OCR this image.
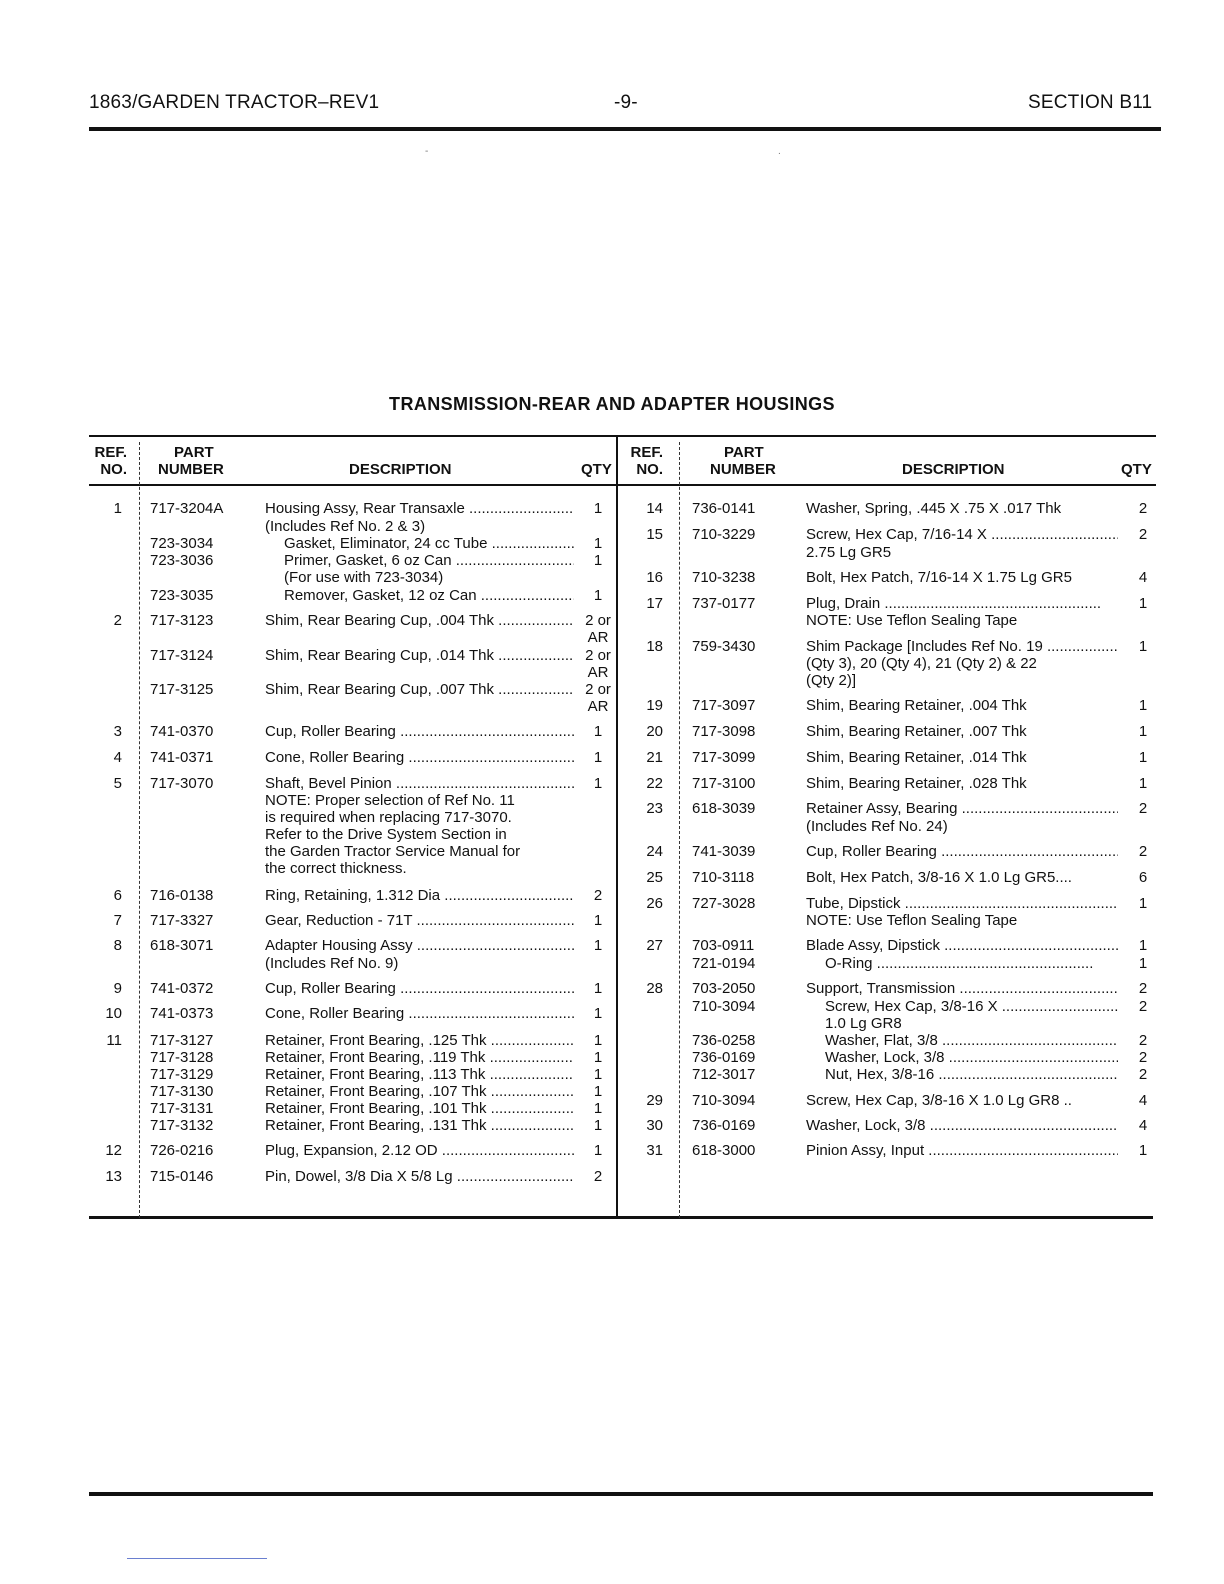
1863/GARDEN TRACTOR–REV1	-9-	SECTION B11
-	.
TRANSMISSION-REAR AND ADAPTER HOUSINGS
REF.
NO.
PART
NUMBER	DESCRIPTION	QTY
REF.
NO.
PART
NUMBER	DESCRIPTION	QTY
1 717-3204A	Housing Assy, Rear Transaxle .....	1
(Includes Ref No. 2 & 3)
723-3034	Gasket, Eliminator, 24 cc Tube .....	1
723-3036	Primer, Gasket, 6 oz Can .....	1
(For use with 723-3034)
723-3035	Remover, Gasket, 12 oz Can .....	1
2 717-3123	Shim, Rear Bearing Cup, .004 Thk .....	2 or
AR
717-3124	Shim, Rear Bearing Cup, .014 Thk .....	2 or
AR
717-3125	Shim, Rear Bearing Cup, .007 Thk .....	2 or
AR
3 741-0370	Cup, Roller Bearing .....	1
4 741-0371	Cone, Roller Bearing .....	1
5 717-3070	Shaft, Bevel Pinion .....	1
NOTE: Proper selection of Ref No. 11
is required when replacing 717-3070.
Refer to the Drive System Section in
the Garden Tractor Service Manual for
the correct thickness.
6 716-0138	Ring, Retaining, 1.312 Dia .....	2
7 717-3327	Gear, Reduction - 71T .....	1
8 618-3071	Adapter Housing Assy .....	1
(Includes Ref No. 9)
9 741-0372	Cup, Roller Bearing .....	1
10 741-0373	Cone, Roller Bearing .....	1
11 717-3127	Retainer, Front Bearing, .125 Thk .....	1
717-3128	Retainer, Front Bearing, .119 Thk .....	1
717-3129	Retainer, Front Bearing, .113 Thk .....	1
717-3130	Retainer, Front Bearing, .107 Thk .....	1
717-3131	Retainer, Front Bearing, .101 Thk .....	1
717-3132	Retainer, Front Bearing, .131 Thk .....	1
12 726-0216	Plug, Expansion, 2.12 OD .....	1
13 715-0146	Pin, Dowel, 3/8 Dia X 5/8 Lg .....	2
14 736-0141	Washer, Spring, .445 X .75 X .017 Thk	2
15 710-3229	Screw, Hex Cap, 7/16-14 X .....	2
2.75 Lg GR5
16 710-3238	Bolt, Hex Patch, 7/16-14 X 1.75 Lg GR5	4
17 737-0177	Plug, Drain .....	1
NOTE: Use Teflon Sealing Tape
18 759-3430	Shim Package [Includes Ref No. 19 .....	1
(Qty 3), 20 (Qty 4), 21 (Qty 2) & 22
(Qty 2)]
19 717-3097	Shim, Bearing Retainer, .004 Thk	1
20 717-3098	Shim, Bearing Retainer, .007 Thk	1
21 717-3099	Shim, Bearing Retainer, .014 Thk	1
22 717-3100	Shim, Bearing Retainer, .028 Thk	1
23 618-3039	Retainer Assy, Bearing .....	2
(Includes Ref No. 24)
24 741-3039	Cup, Roller Bearing .....	2
25 710-3118	Bolt, Hex Patch, 3/8-16 X 1.0 Lg GR5....	6
26 727-3028	Tube, Dipstick .....	1
NOTE: Use Teflon Sealing Tape
27 703-0911	Blade Assy, Dipstick .....	1
721-0194	O-Ring .....	1
28 703-2050	Support, Transmission .....	2
710-3094	Screw, Hex Cap, 3/8-16 X .....	2
1.0 Lg GR8
736-0258	Washer, Flat, 3/8 .....	2
736-0169	Washer, Lock, 3/8 .....	2
712-3017	Nut, Hex, 3/8-16 .....	2
29 710-3094	Screw, Hex Cap, 3/8-16 X 1.0 Lg GR8 ..	4
30 736-0169	Washer, Lock, 3/8 .....	4
31 618-3000	Pinion Assy, Input .....	1
